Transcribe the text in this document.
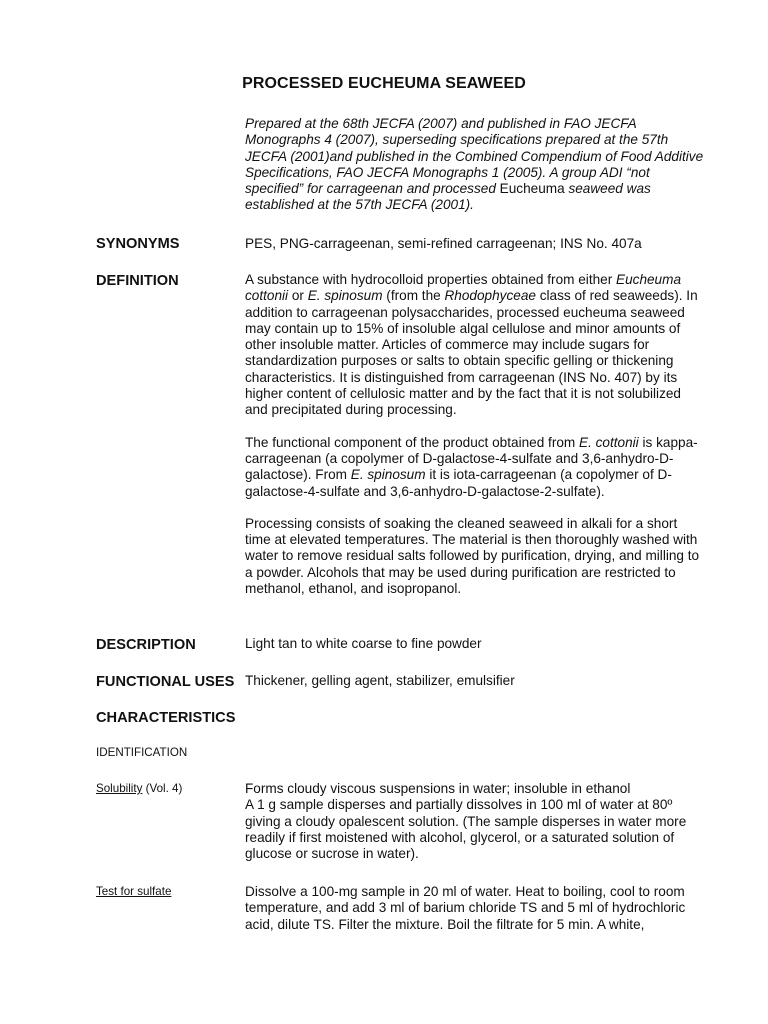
PROCESSED EUCHEUMA SEAWEED
Prepared at the 68th JECFA (2007) and published in FAO JECFA Monographs 4 (2007), superseding specifications prepared at the 57th JECFA (2001)and published in the Combined Compendium of Food Additive Specifications, FAO JECFA Monographs 1 (2005). A group ADI “not specified” for carrageenan and processed Eucheuma seaweed was established at the 57th JECFA (2001).
SYNONYMS	PES, PNG-carrageenan, semi-refined carrageenan; INS No. 407a
DEFINITION	A substance with hydrocolloid properties obtained from either Eucheuma cottonii or E. spinosum (from the Rhodophyceae class of red seaweeds). In addition to carrageenan polysaccharides, processed eucheuma seaweed may contain up to 15% of insoluble algal cellulose and minor amounts of other insoluble matter. Articles of commerce may include sugars for standardization purposes or salts to obtain specific gelling or thickening characteristics. It is distinguished from carrageenan (INS No. 407) by its higher content of cellulosic matter and by the fact that it is not solubilized and precipitated during processing.

The functional component of the product obtained from E. cottonii is kappa-carrageenan (a copolymer of D-galactose-4-sulfate and 3,6-anhydro-D-galactose). From E. spinosum it is iota-carrageenan (a copolymer of D-galactose-4-sulfate and 3,6-anhydro-D-galactose-2-sulfate).

Processing consists of soaking the cleaned seaweed in alkali for a short time at elevated temperatures. The material is then thoroughly washed with water to remove residual salts followed by purification, drying, and milling to a powder. Alcohols that may be used during purification are restricted to methanol, ethanol, and isopropanol.

DESCRIPTION	Light tan to white coarse to fine powder
FUNCTIONAL USES Thickener, gelling agent, stabilizer, emulsifier
CHARACTERISTICS
IDENTIFICATION
Solubility (Vol. 4)	Forms cloudy viscous suspensions in water; insoluble in ethanol
A 1 g sample disperses and partially dissolves in 100 ml of water at 80º giving a cloudy opalescent solution. (The sample disperses in water more readily if first moistened with alcohol, glycerol, or a saturated solution of glucose or sucrose in water).
Test for sulfate	Dissolve a 100-mg sample in 20 ml of water. Heat to boiling, cool to room temperature, and add 3 ml of barium chloride TS and 5 ml of hydrochloric acid, dilute TS. Filter the mixture. Boil the filtrate for 5 min. A white,
